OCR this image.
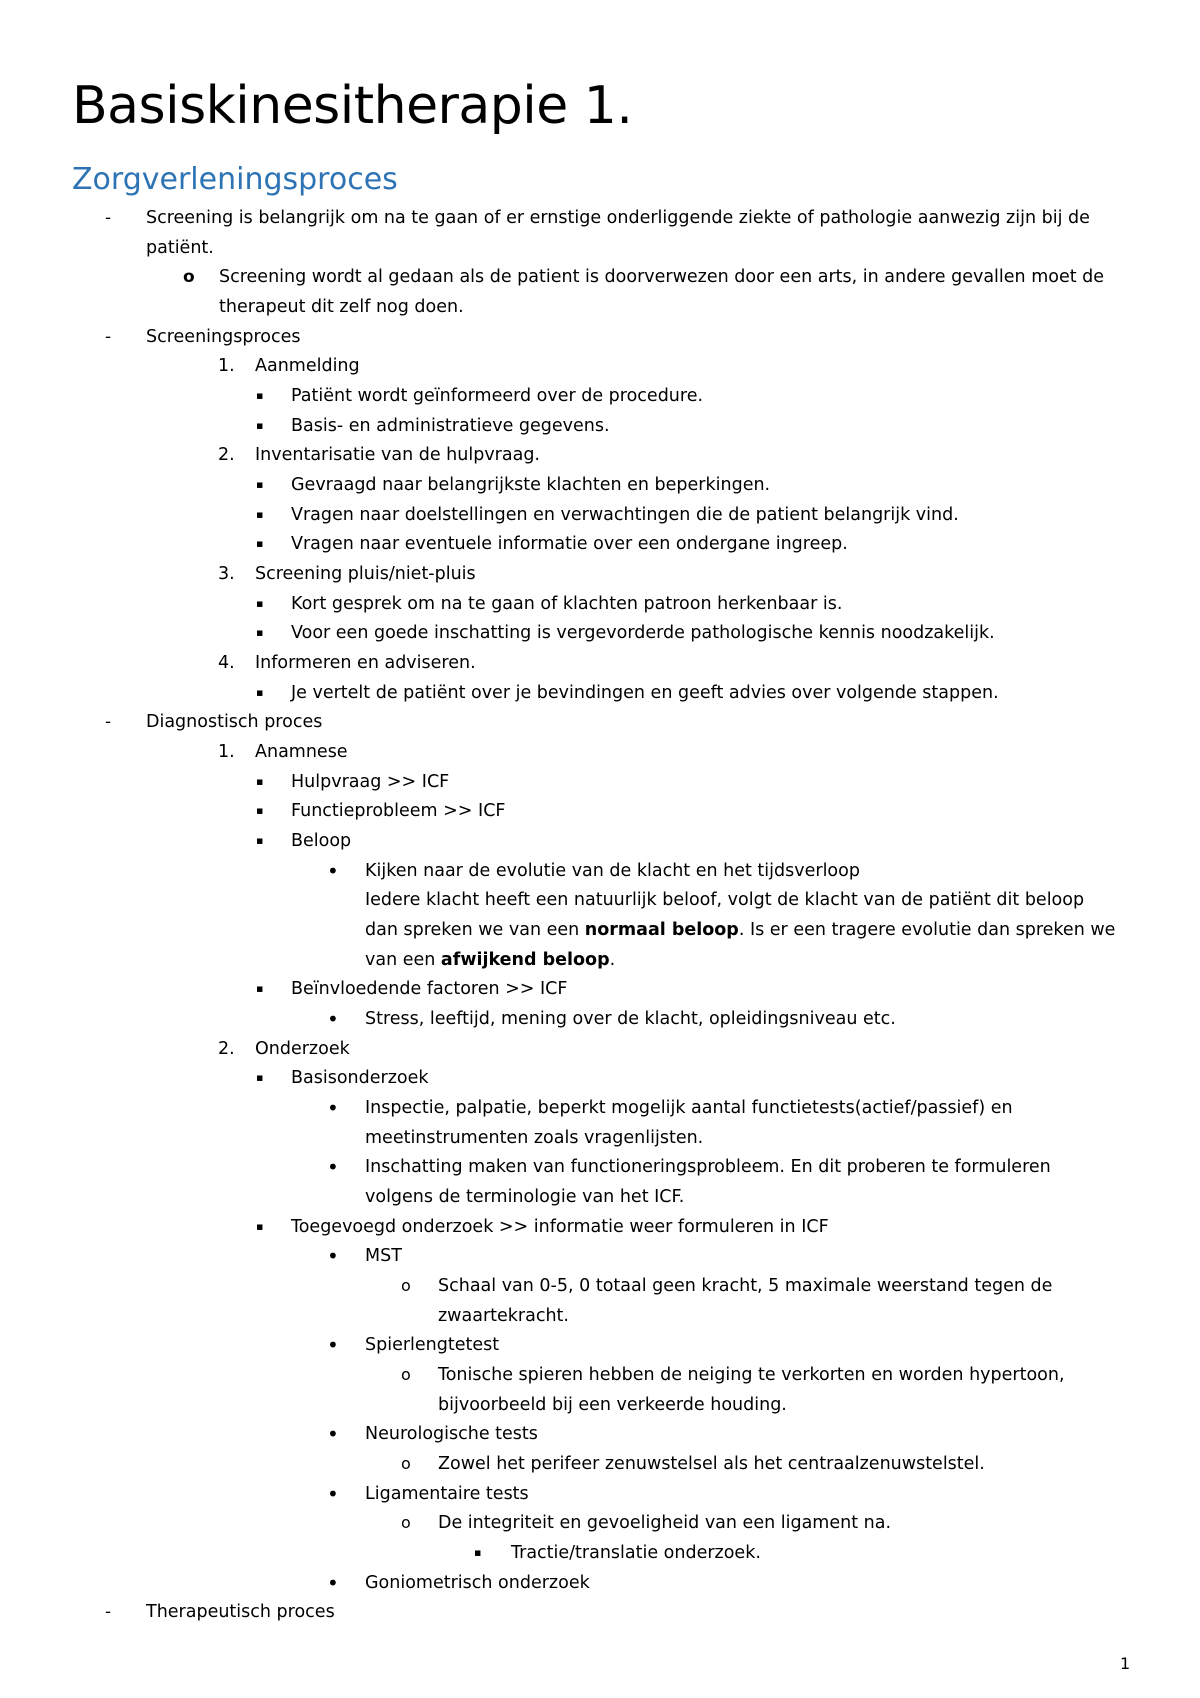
Basiskinesitherapie 1.
Zorgverleningsproces
- Screening is belangrijk om na te gaan of er ernstige onderliggende ziekte of pathologie aanwezig zijn bij de
patiënt.
o Screening wordt al gedaan als de patient is doorverwezen door een arts, in andere gevallen moet de
therapeut dit zelf nog doen.
- Screeningsproces
1. Aanmelding
▪ Patiënt wordt geïnformeerd over de procedure.
▪ Basis- en administratieve gegevens.
2. Inventarisatie van de hulpvraag.
▪ Gevraagd naar belangrijkste klachten en beperkingen.
▪ Vragen naar doelstellingen en verwachtingen die de patient belangrijk vind.
▪ Vragen naar eventuele informatie over een ondergane ingreep.
3. Screening pluis/niet-pluis
▪ Kort gesprek om na te gaan of klachten patroon herkenbaar is.
▪ Voor een goede inschatting is vergevorderde pathologische kennis noodzakelijk.
4. Informeren en adviseren.
▪ Je vertelt de patiënt over je bevindingen en geeft advies over volgende stappen.
- Diagnostisch proces
1. Anamnese
▪ Hulpvraag >> ICF
▪ Functieprobleem >> ICF
▪ Beloop
• Kijken naar de evolutie van de klacht en het tijdsverloop
Iedere klacht heeft een natuurlijk beloof, volgt de klacht van de patiënt dit beloop
dan spreken we van een normaal beloop. Is er een tragere evolutie dan spreken we
van een afwijkend beloop.
▪ Beïnvloedende factoren >> ICF
• Stress, leeftijd, mening over de klacht, opleidingsniveau etc.
2. Onderzoek
▪ Basisonderzoek
• Inspectie, palpatie, beperkt mogelijk aantal functietests(actief/passief) en
meetinstrumenten zoals vragenlijsten.
• Inschatting maken van functioneringsprobleem. En dit proberen te formuleren
volgens de terminologie van het ICF.
▪ Toegevoegd onderzoek >> informatie weer formuleren in ICF
• MST
o Schaal van 0-5, 0 totaal geen kracht, 5 maximale weerstand tegen de
zwaartekracht.
• Spierlengtetest
o Tonische spieren hebben de neiging te verkorten en worden hypertoon,
bijvoorbeeld bij een verkeerde houding.
• Neurologische tests
o Zowel het perifeer zenuwstelsel als het centraalzenuwstelstel.
• Ligamentaire tests
o De integriteit en gevoeligheid van een ligament na.
▪ Tractie/translatie onderzoek.
• Goniometrisch onderzoek
- Therapeutisch proces
1
